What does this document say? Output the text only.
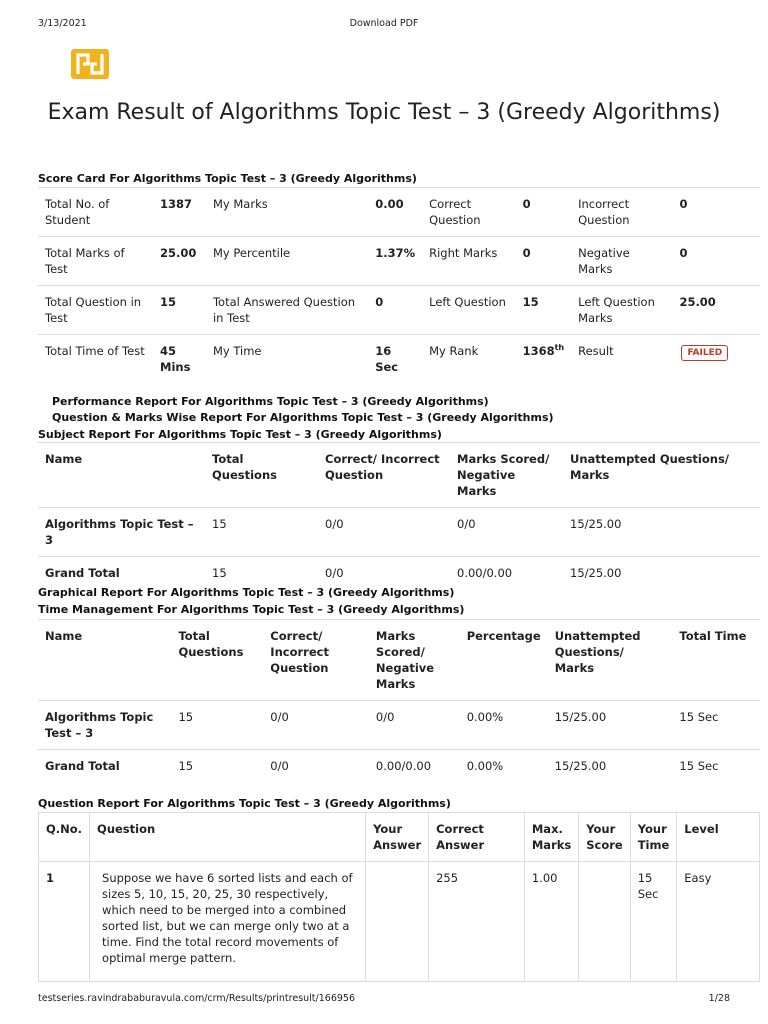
3/13/2021	Download PDF
Exam Result of Algorithms Topic Test – 3 (Greedy Algorithms)
Score Card For Algorithms Topic Test – 3 (Greedy Algorithms)
Total No. of Student	1387	My Marks	0.00	Correct Question	0	Incorrect Question	0
Total Marks of Test	25.00	My Percentile	1.37%	Right Marks	0	Negative Marks	0
Total Question in Test	15	Total Answered Question in Test	0	Left Question	15	Left Question Marks	25.00
Total Time of Test	45 Mins	My Time	16 Sec	My Rank	1368th	Result	FAILED
Performance Report For Algorithms Topic Test – 3 (Greedy Algorithms)
Question & Marks Wise Report For Algorithms Topic Test – 3 (Greedy Algorithms)
Subject Report For Algorithms Topic Test – 3 (Greedy Algorithms)
Name	Total Questions	Correct/ Incorrect Question	Marks Scored/ Negative Marks	Unattempted Questions/ Marks
Algorithms Topic Test – 3	15	0/0	0/0	15/25.00
Grand Total	15	0/0	0.00/0.00	15/25.00
Graphical Report For Algorithms Topic Test – 3 (Greedy Algorithms)
Time Management For Algorithms Topic Test – 3 (Greedy Algorithms)
Name	Total Questions	Correct/ Incorrect Question	Marks Scored/ Negative Marks	Percentage	Unattempted Questions/ Marks	Total Time
Algorithms Topic Test – 3	15	0/0	0/0	0.00%	15/25.00	15 Sec
Grand Total	15	0/0	0.00/0.00	0.00%	15/25.00	15 Sec
Question Report For Algorithms Topic Test – 3 (Greedy Algorithms)
Q.No.	Question	Your Answer	Correct Answer	Max. Marks	Your Score	Your Time	Level
1	Suppose we have 6 sorted lists and each of sizes 5, 10, 15, 20, 25, 30 respectively, which need to be merged into a combined sorted list, but we can merge only two at a time. Find the total record movements of optimal merge pattern.		255	1.00		15 Sec	Easy
testseries.ravindrababuravula.com/crm/Results/printresult/166956	1/28
